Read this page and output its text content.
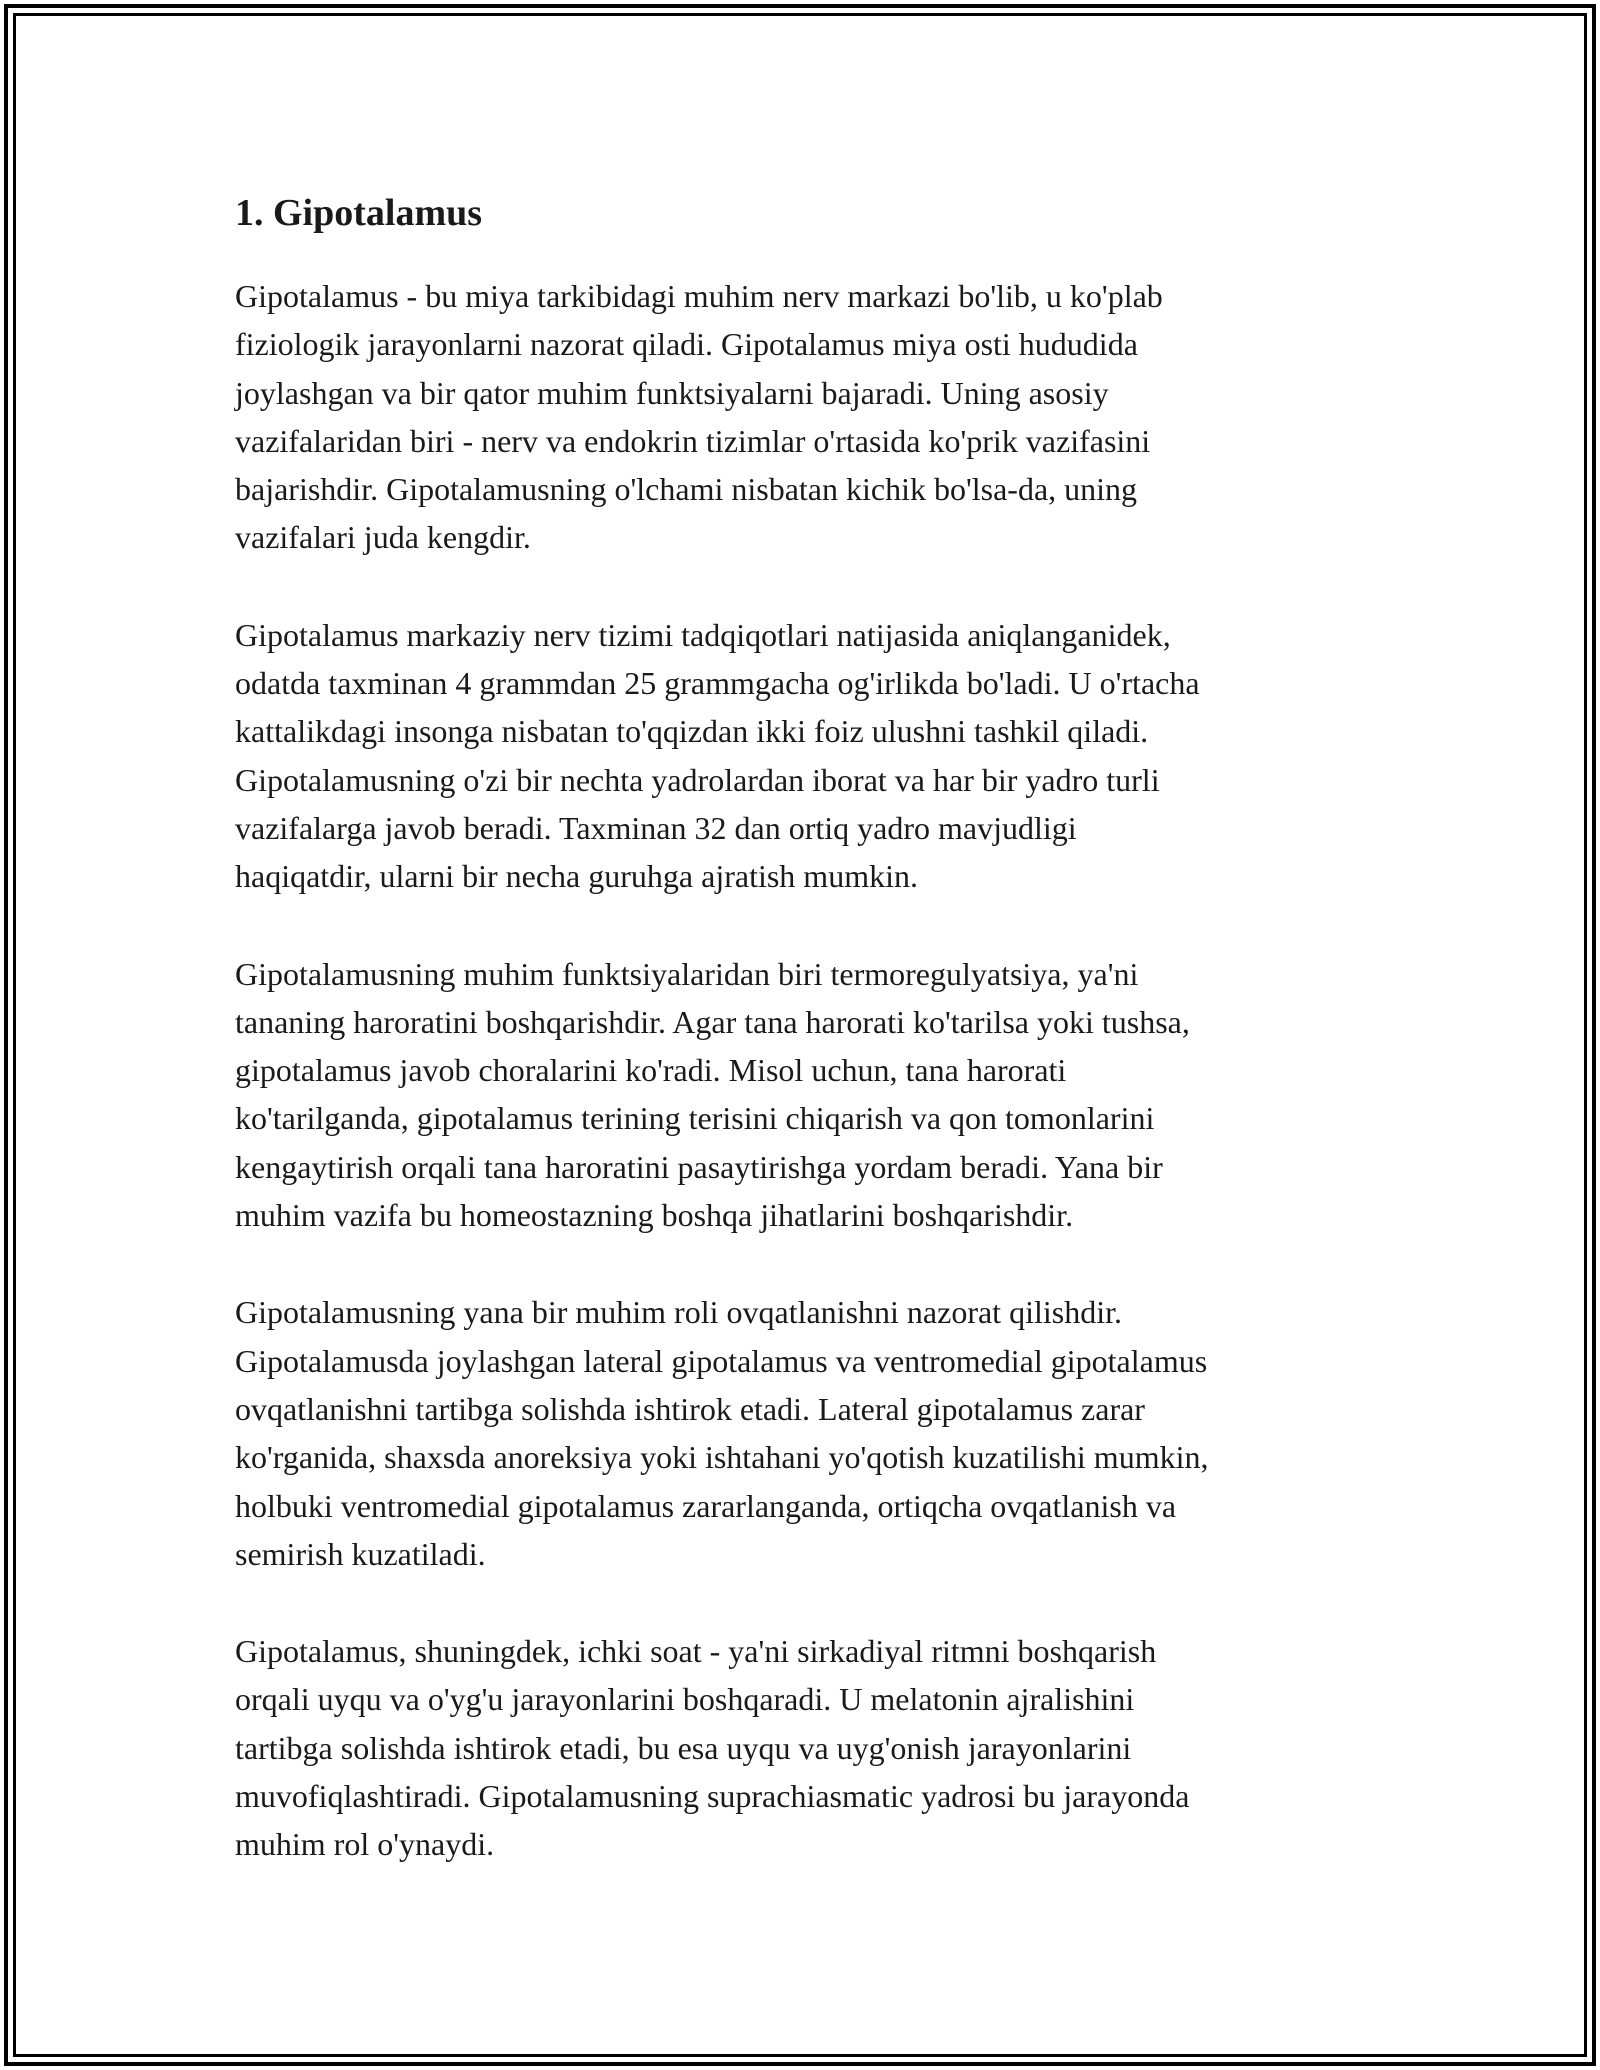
1. Gipotalamus
Gipotalamus - bu miya tarkibidagi muhim nerv markazi bo'lib, u ko'plab
fiziologik jarayonlarni nazorat qiladi. Gipotalamus miya osti hududida
joylashgan va bir qator muhim funktsiyalarni bajaradi. Uning asosiy
vazifalaridan biri - nerv va endokrin tizimlar o'rtasida ko'prik vazifasini
bajarishdir. Gipotalamusning o'lchami nisbatan kichik bo'lsa-da, uning
vazifalari juda kengdir.
Gipotalamus markaziy nerv tizimi tadqiqotlari natijasida aniqlanganidek,
odatda taxminan 4 grammdan 25 grammgacha og'irlikda bo'ladi. U o'rtacha
kattalikdagi insonga nisbatan to'qqizdan ikki foiz ulushni tashkil qiladi.
Gipotalamusning o'zi bir nechta yadrolardan iborat va har bir yadro turli
vazifalarga javob beradi. Taxminan 32 dan ortiq yadro mavjudligi
haqiqatdir, ularni bir necha guruhga ajratish mumkin.
Gipotalamusning muhim funktsiyalaridan biri termoregulyatsiya, ya'ni
tananing haroratini boshqarishdir. Agar tana harorati ko'tarilsa yoki tushsa,
gipotalamus javob choralarini ko'radi. Misol uchun, tana harorati
ko'tarilganda, gipotalamus terining terisini chiqarish va qon tomonlarini
kengaytirish orqali tana haroratini pasaytirishga yordam beradi. Yana bir
muhim vazifa bu homeostazning boshqa jihatlarini boshqarishdir.
Gipotalamusning yana bir muhim roli ovqatlanishni nazorat qilishdir.
Gipotalamusda joylashgan lateral gipotalamus va ventromedial gipotalamus
ovqatlanishni tartibga solishda ishtirok etadi. Lateral gipotalamus zarar
ko'rganida, shaxsda anoreksiya yoki ishtahani yo'qotish kuzatilishi mumkin,
holbuki ventromedial gipotalamus zararlanganda, ortiqcha ovqatlanish va
semirish kuzatiladi.
Gipotalamus, shuningdek, ichki soat - ya'ni sirkadiyal ritmni boshqarish
orqali uyqu va o'yg'u jarayonlarini boshqaradi. U melatonin ajralishini
tartibga solishda ishtirok etadi, bu esa uyqu va uyg'onish jarayonlarini
muvofiqlashtiradi. Gipotalamusning suprachiasmatic yadrosi bu jarayonda
muhim rol o'ynaydi.
